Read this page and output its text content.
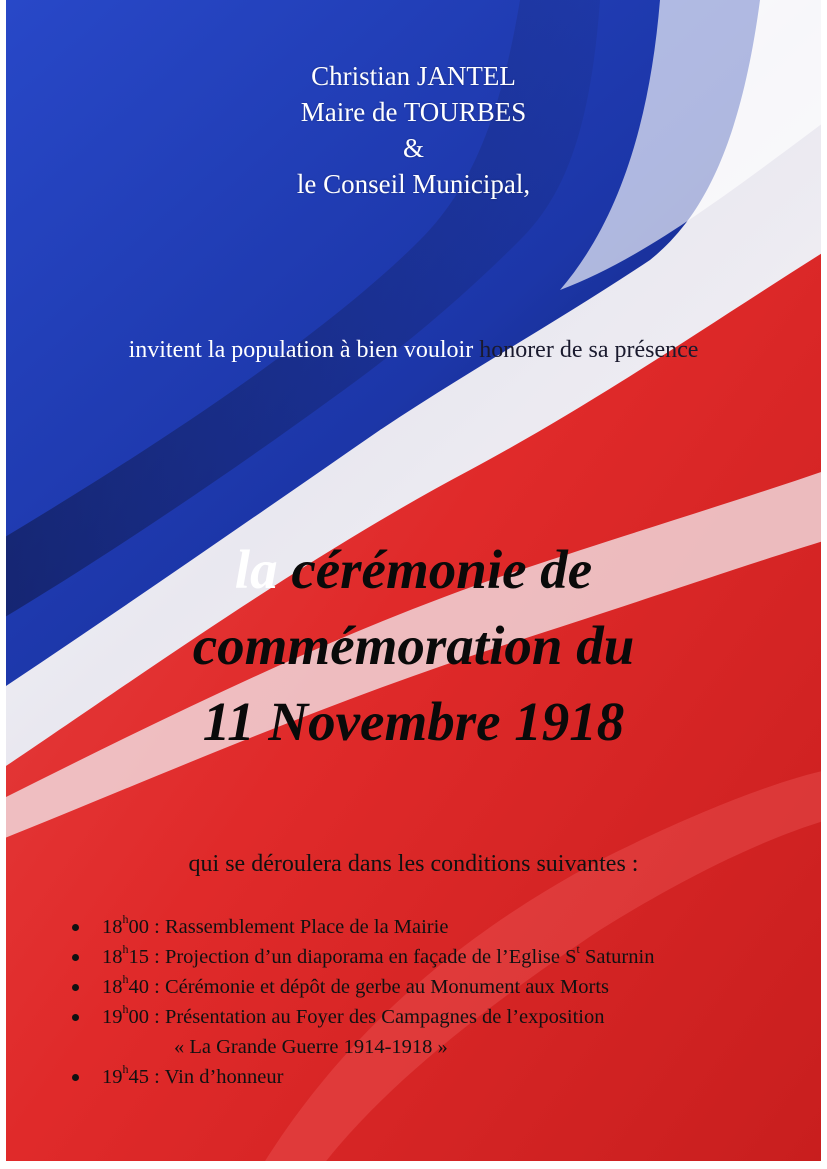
Christian JANTEL
Maire de TOURBES
&
le Conseil Municipal,
invitent la population à bien vouloir honorer de sa présence
la cérémonie de
commémoration du
11 Novembre 1918
qui se déroulera dans les conditions suivantes :
18$^h$00 : Rassemblement Place de la Mairie
18$^h$15 : Projection d’un diaporama en façade de l’Eglise $S^t$ Saturnin
18$^h$40 : Cérémonie et dépôt de gerbe au Monument aux Morts
19$^h$00 : Présentation au Foyer des Campagnes de l’exposition
« La Grande Guerre 1914-1918 »
19$^h$45 : Vin d’honneur
